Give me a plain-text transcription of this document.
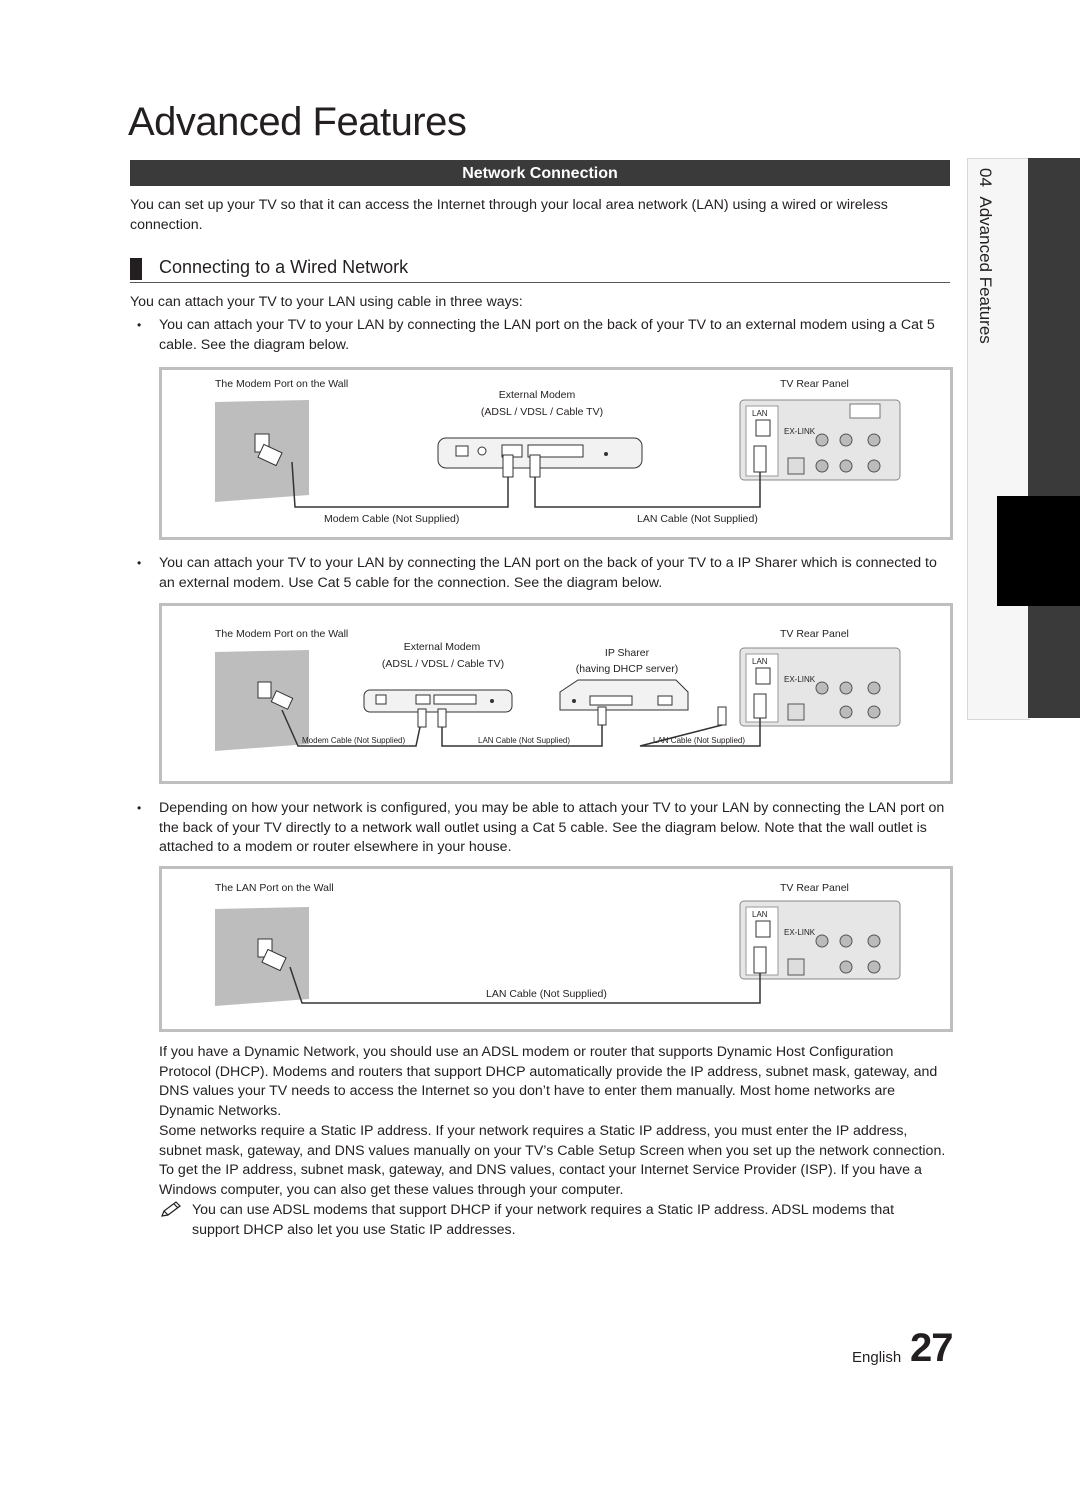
Advanced Features
Network Connection

You can set up your TV so that it can access the Internet through your local area network (LAN) using a wired or wireless connection.

Connecting to a Wired Network

You can attach your TV to your LAN using cable in three ways:

• You can attach your TV to your LAN by connecting the LAN port on the back of your TV to an external modem using a Cat 5 cable. See the diagram below.

The Modem Port on the Wall
External Modem
(ADSL / VDSL / Cable TV)
TV Rear Panel
LAN
EX-LINK
Modem Cable (Not Supplied)	LAN Cable (Not Supplied)
• You can attach your TV to your LAN by connecting the LAN port on the back of your TV to a IP Sharer which is connected to an external modem. Use Cat 5 cable for the connection. See the diagram below.

The Modem Port on the Wall
External Modem
(ADSL / VDSL / Cable TV)
IP Sharer
(having DHCP server)
TV Rear Panel
LAN
EX-LINK
Modem Cable (Not Supplied)	LAN Cable (Not Supplied)	LAN Cable (Not Supplied)
• Depending on how your network is configured, you may be able to attach your TV to your LAN by connecting the LAN port on the back of your TV directly to a network wall outlet using a Cat 5 cable. See the diagram below. Note that the wall outlet is attached to a modem or router elsewhere in your house.

The LAN Port on the Wall	TV Rear Panel
LAN
EX-LINK
LAN Cable (Not Supplied)

If you have a Dynamic Network, you should use an ADSL modem or router that supports Dynamic Host Configuration Protocol (DHCP). Modems and routers that support DHCP automatically provide the IP address, subnet mask, gateway, and DNS values your TV needs to access the Internet so you don’t have to enter them manually. Most home networks are Dynamic Networks.

Some networks require a Static IP address. If your network requires a Static IP address, you must enter the IP address, subnet mask, gateway, and DNS values manually on your TV’s Cable Setup Screen when you set up the network connection. To get the IP address, subnet mask, gateway, and DNS values, contact your Internet Service Provider (ISP). If you have a Windows computer, you can also get these values through your computer.

You can use ADSL modems that support DHCP if your network requires a Static IP address. ADSL modems that support DHCP also let you use Static IP addresses.

04  Advanced Features
English 27
